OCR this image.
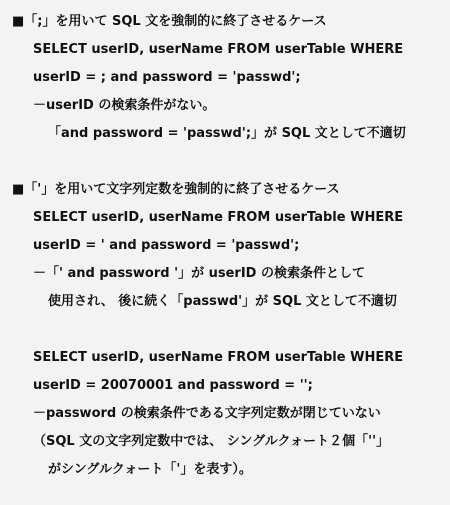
■「;」を用いて SQL 文を強制的に終了させるケース
SELECT userID, userName FROM userTable WHERE
userID = ; and password = 'passwd';
－userID の検索条件がない。
「and password = 'passwd';」が SQL 文として不適切
■「'」を用いて文字列定数を強制的に終了させるケース
SELECT userID, userName FROM userTable WHERE
userID = ' and password = 'passwd';
－「' and password '」が userID の検索条件として
使用され、 後に続く「passwd'」が SQL 文として不適切
SELECT userID, userName FROM userTable WHERE
userID = 20070001 and password = '';
－password の検索条件である文字列定数が閉じていない
（SQL 文の文字列定数中では、 シングルクォート２個「''」
がシングルクォート「'」を表す）。
